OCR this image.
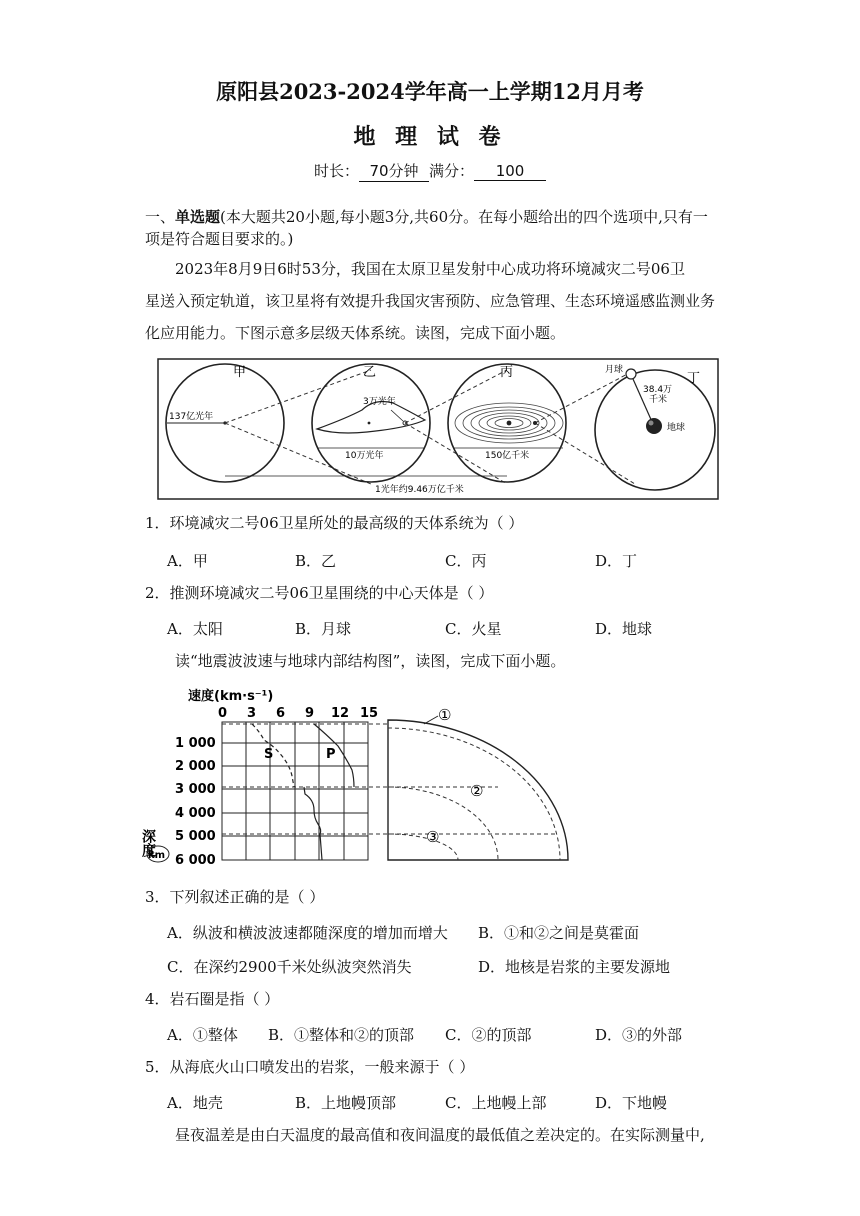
原阳县2023-2024学年高一上学期12月月考
地 理 试 卷
时长： 70分钟 满分： 100
一、单选题(本大题共20小题,每小题3分,共60分。在每小题给出的四个选项中,只有一
项是符合题目要求的。)
2023年8月9日6时53分，我国在太原卫星发射中心成功将环境减灾二号06卫
星送入预定轨道，该卫星将有效提升我国灾害预防、应急管理、生态环境遥感监测业务
化应用能力。下图示意多层级天体系统。读图，完成下面小题。
137亿光年
甲	乙
3万光年
10万光年
丙
150亿千米
丁
月球
地球
38.4万
千米
1光年约9.46万亿千米
1．环境减灾二号06卫星所处的最高级的天体系统为（ ）
A．甲	B．乙	C．丙	D．丁
2．推测环境减灾二号06卫星围绕的中心天体是（ ）
A．太阳	B．月球	C．火星	D．地球
读“地震波波速与地球内部结构图”，读图，完成下面小题。
速度(km·s⁻¹)
0 3 6 9 12 15
1 000
2 000
3 000
4 000
5 000
6 000
深度
km
S	P
①
②
③
3．下列叙述正确的是（ ）
A．纵波和横波波速都随深度的增加而增大 B．①和②之间是莫霍面
C．在深约2900千米处纵波突然消失	D．地核是岩浆的主要发源地
4．岩石圈是指（ ）
A．①整体 B．①整体和②的顶部 C．②的顶部	D．③的外部
5．从海底火山口喷发出的岩浆，一般来源于（ ）
A．地壳	B．上地幔顶部	C．上地幔上部	D．下地幔
昼夜温差是由白天温度的最高值和夜间温度的最低值之差决定的。在实际测量中,
